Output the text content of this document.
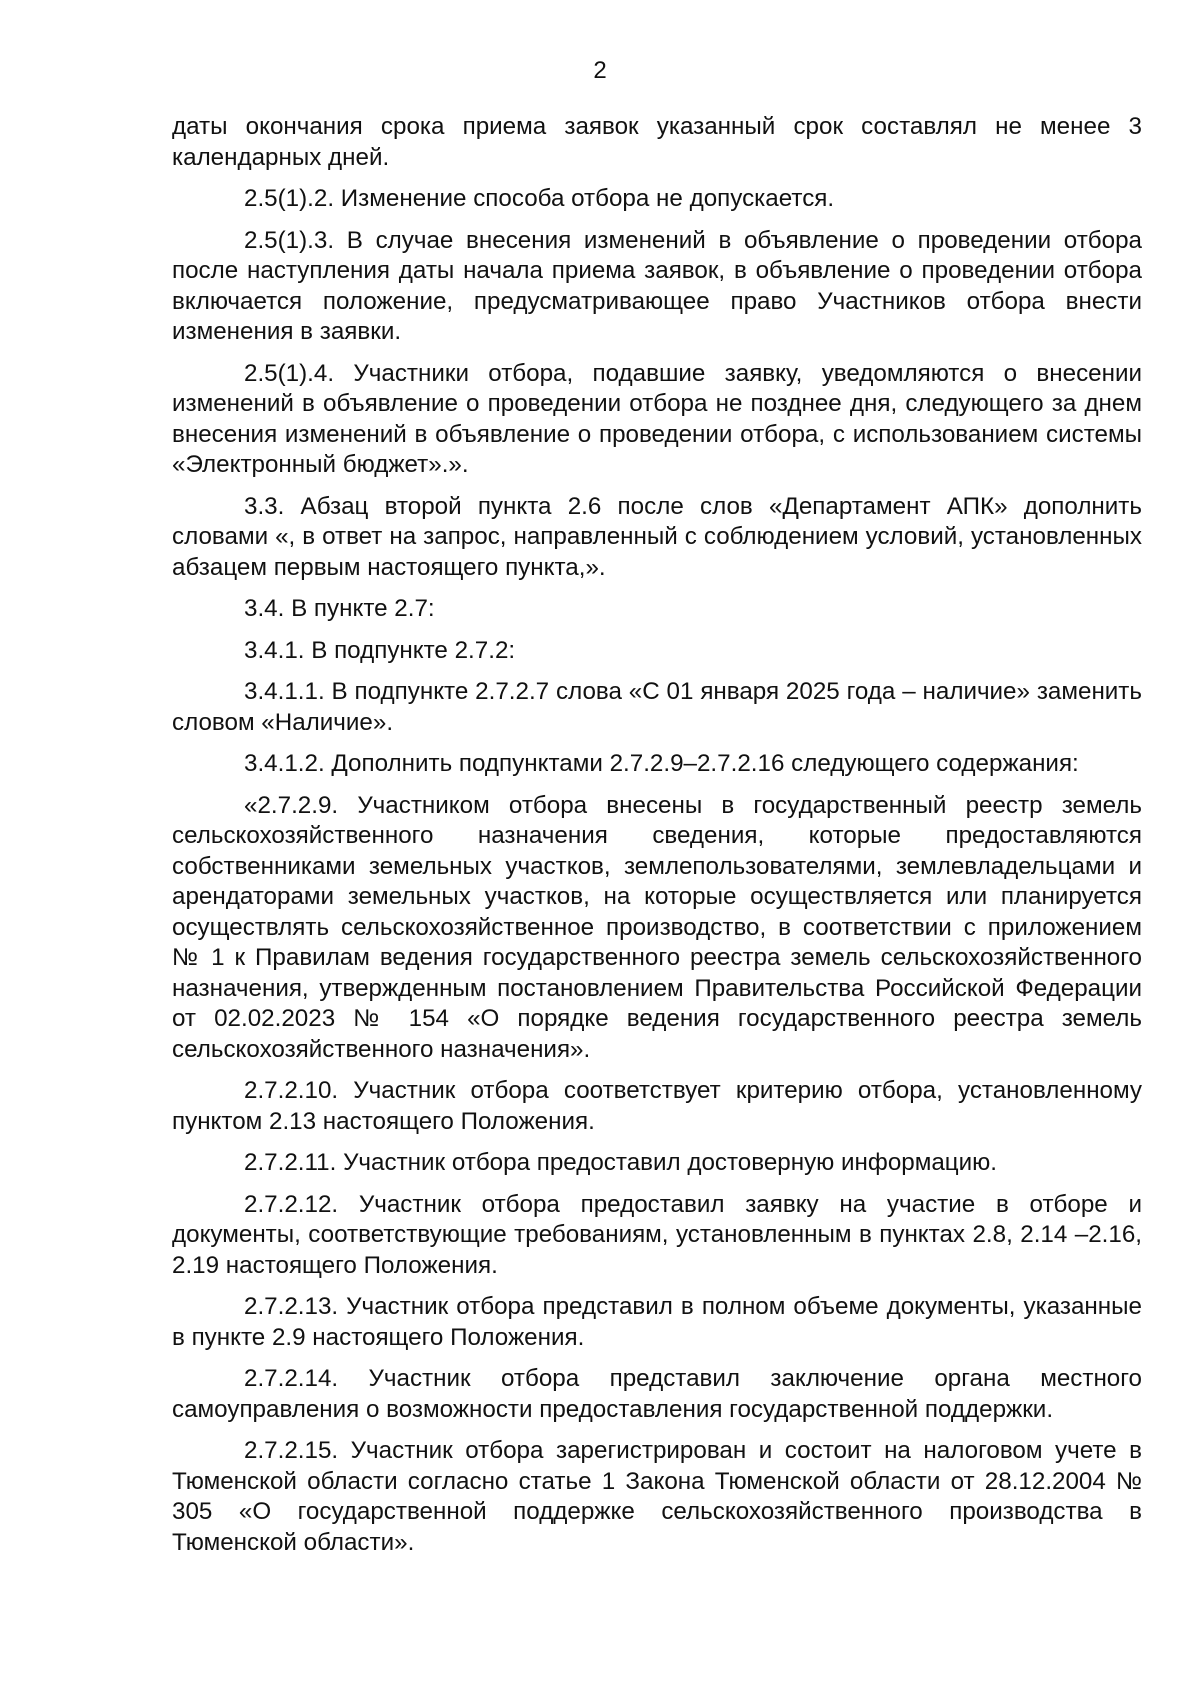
2

даты окончания срока приема заявок указанный срок составлял не менее 3 календарных дней.

2.5(1).2. Изменение способа отбора не допускается.

2.5(1).3. В случае внесения изменений в объявление о проведении отбора после наступления даты начала приема заявок, в объявление о проведении отбора включается положение, предусматривающее право Участников отбора внести изменения в заявки.

2.5(1).4. Участники отбора, подавшие заявку, уведомляются о внесении изменений в объявление о проведении отбора не позднее дня, следующего за днем внесения изменений в объявление о проведении отбора, с использованием системы «Электронный бюджет».».

3.3. Абзац второй пункта 2.6 после слов «Департамент АПК» дополнить словами «, в ответ на запрос, направленный с соблюдением условий, установленных абзацем первым настоящего пункта,».

3.4. В пункте 2.7:

3.4.1. В подпункте 2.7.2:

3.4.1.1. В подпункте 2.7.2.7 слова «С 01 января 2025 года – наличие» заменить словом «Наличие».

3.4.1.2. Дополнить подпунктами 2.7.2.9–2.7.2.16 следующего содержания:

«2.7.2.9. Участником отбора внесены в государственный реестр земель сельскохозяйственного назначения сведения, которые предоставляются собственниками земельных участков, землепользователями, землевладельцами и арендаторами земельных участков, на которые осуществляется или планируется осуществлять сельскохозяйственное производство, в соответствии с приложением № 1 к Правилам ведения государственного реестра земель сельскохозяйственного назначения, утвержденным постановлением Правительства Российской Федерации от 02.02.2023 № 154 «О порядке ведения государственного реестра земель сельскохозяйственного назначения».

2.7.2.10. Участник отбора соответствует критерию отбора, установленному пунктом 2.13 настоящего Положения.

2.7.2.11. Участник отбора предоставил достоверную информацию.

2.7.2.12. Участник отбора предоставил заявку на участие в отборе и документы, соответствующие требованиям, установленным в пунктах 2.8, 2.14 –2.16, 2.19 настоящего Положения.

2.7.2.13. Участник отбора представил в полном объеме документы, указанные в пункте 2.9 настоящего Положения.

2.7.2.14. Участник отбора представил заключение органа местного самоуправления о возможности предоставления государственной поддержки.

2.7.2.15. Участник отбора зарегистрирован и состоит на налоговом учете в Тюменской области согласно статье 1 Закона Тюменской области от 28.12.2004 № 305 «О государственной поддержке сельскохозяйственного производства в Тюменской области».
